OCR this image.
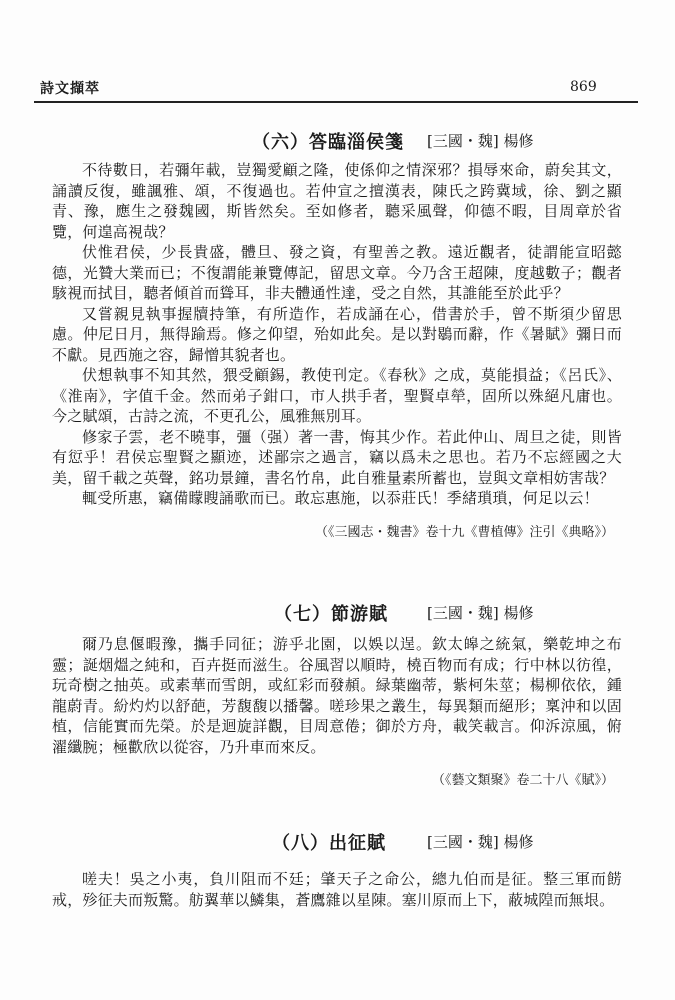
詩文擷萃	869
（六）答臨淄侯箋 [三國・魏] 楊修

不待數日，若彌年載，豈獨愛顧之隆，使係仰之情深邪？損辱來命，蔚矣其文，誦讀反復，雖諷雅、頌，不復過也。若仲宣之擅漢表，陳氏之跨冀域，徐、劉之顯青、豫，應生之發魏國，斯皆然矣。至如修者，聽采風聲，仰德不暇，目周章於省覽，何遑高視哉？

伏惟君侯，少長貴盛，體旦、發之資，有聖善之教。遠近觀者，徒謂能宣昭懿德，光贊大業而已；不復謂能兼覽傳記，留思文章。今乃含王超陳，度越數子；觀者駭視而拭目，聽者傾首而聳耳，非夫體通性達，受之自然，其誰能至於此乎？

又嘗親見執事握牘持筆，有所造作，若成誦在心，借書於手，曾不斯須少留思慮。仲尼日月，無得踰焉。修之仰望，殆如此矣。是以對鶡而辭，作《暑賦》彌日而不獻。見西施之容，歸憎其貌者也。

伏想執事不知其然，猥受顧錫，教使刊定。《春秋》之成，莫能損益；《呂氏》、《淮南》，字值千金。然而弟子鉗口，市人拱手者，聖賢卓犖，固所以殊絕凡庸也。今之賦頌，古詩之流，不更孔公，風雅無別耳。

修家子雲，老不曉事，彊（强）著一書，悔其少作。若此仲山、周旦之徒，則皆有愆乎！君侯忘聖賢之顯迹，述鄙宗之過言，竊以爲未之思也。若乃不忘經國之大美，留千載之英聲，銘功景鐘，書名竹帛，此自雅量素所蓄也，豈與文章相妨害哉？

輒受所惠，竊備矇瞍誦歌而已。敢忘惠施，以忝莊氏！季緒瑣瑣，何足以云！

（《三國志・魏書》卷十九《曹植傳》注引《典略》）
（七）節游賦	[三國・魏] 楊修

爾乃息偃暇豫，攜手同征；游乎北園，以娛以逞。欽太皞之統氣，樂乾坤之布靈；誕烟熅之純和，百卉挺而滋生。谷風習以順時，橈百物而有成；行中林以彷徨，玩奇樹之抽英。或素華而雪朗，或紅彩而發頳。緑葉幽蒂，紫柯朱莖；楊柳依依，鍾龍蔚青。紛灼灼以舒葩，芳馥馥以播馨。嗟珍果之叢生，每異類而絕形；稟沖和以固植，信能實而先榮。於是迴旋詳觀，目周意倦；御於方舟，載笑載言。仰泝涼風，俯濯纖腕；極歡欣以從容，乃升車而來反。

（《藝文類聚》卷二十八《賦》）
（八）出征賦	[三國・魏] 楊修

嗟夫！吳之小夷，負川阻而不廷；肇天子之命公，總九伯而是征。整三軍而餝戒，殄征夫而叛驚。舫翼華以鱗集，蒼鷹雜以星陳。塞川原而上下，蔽城隍而無垠。
